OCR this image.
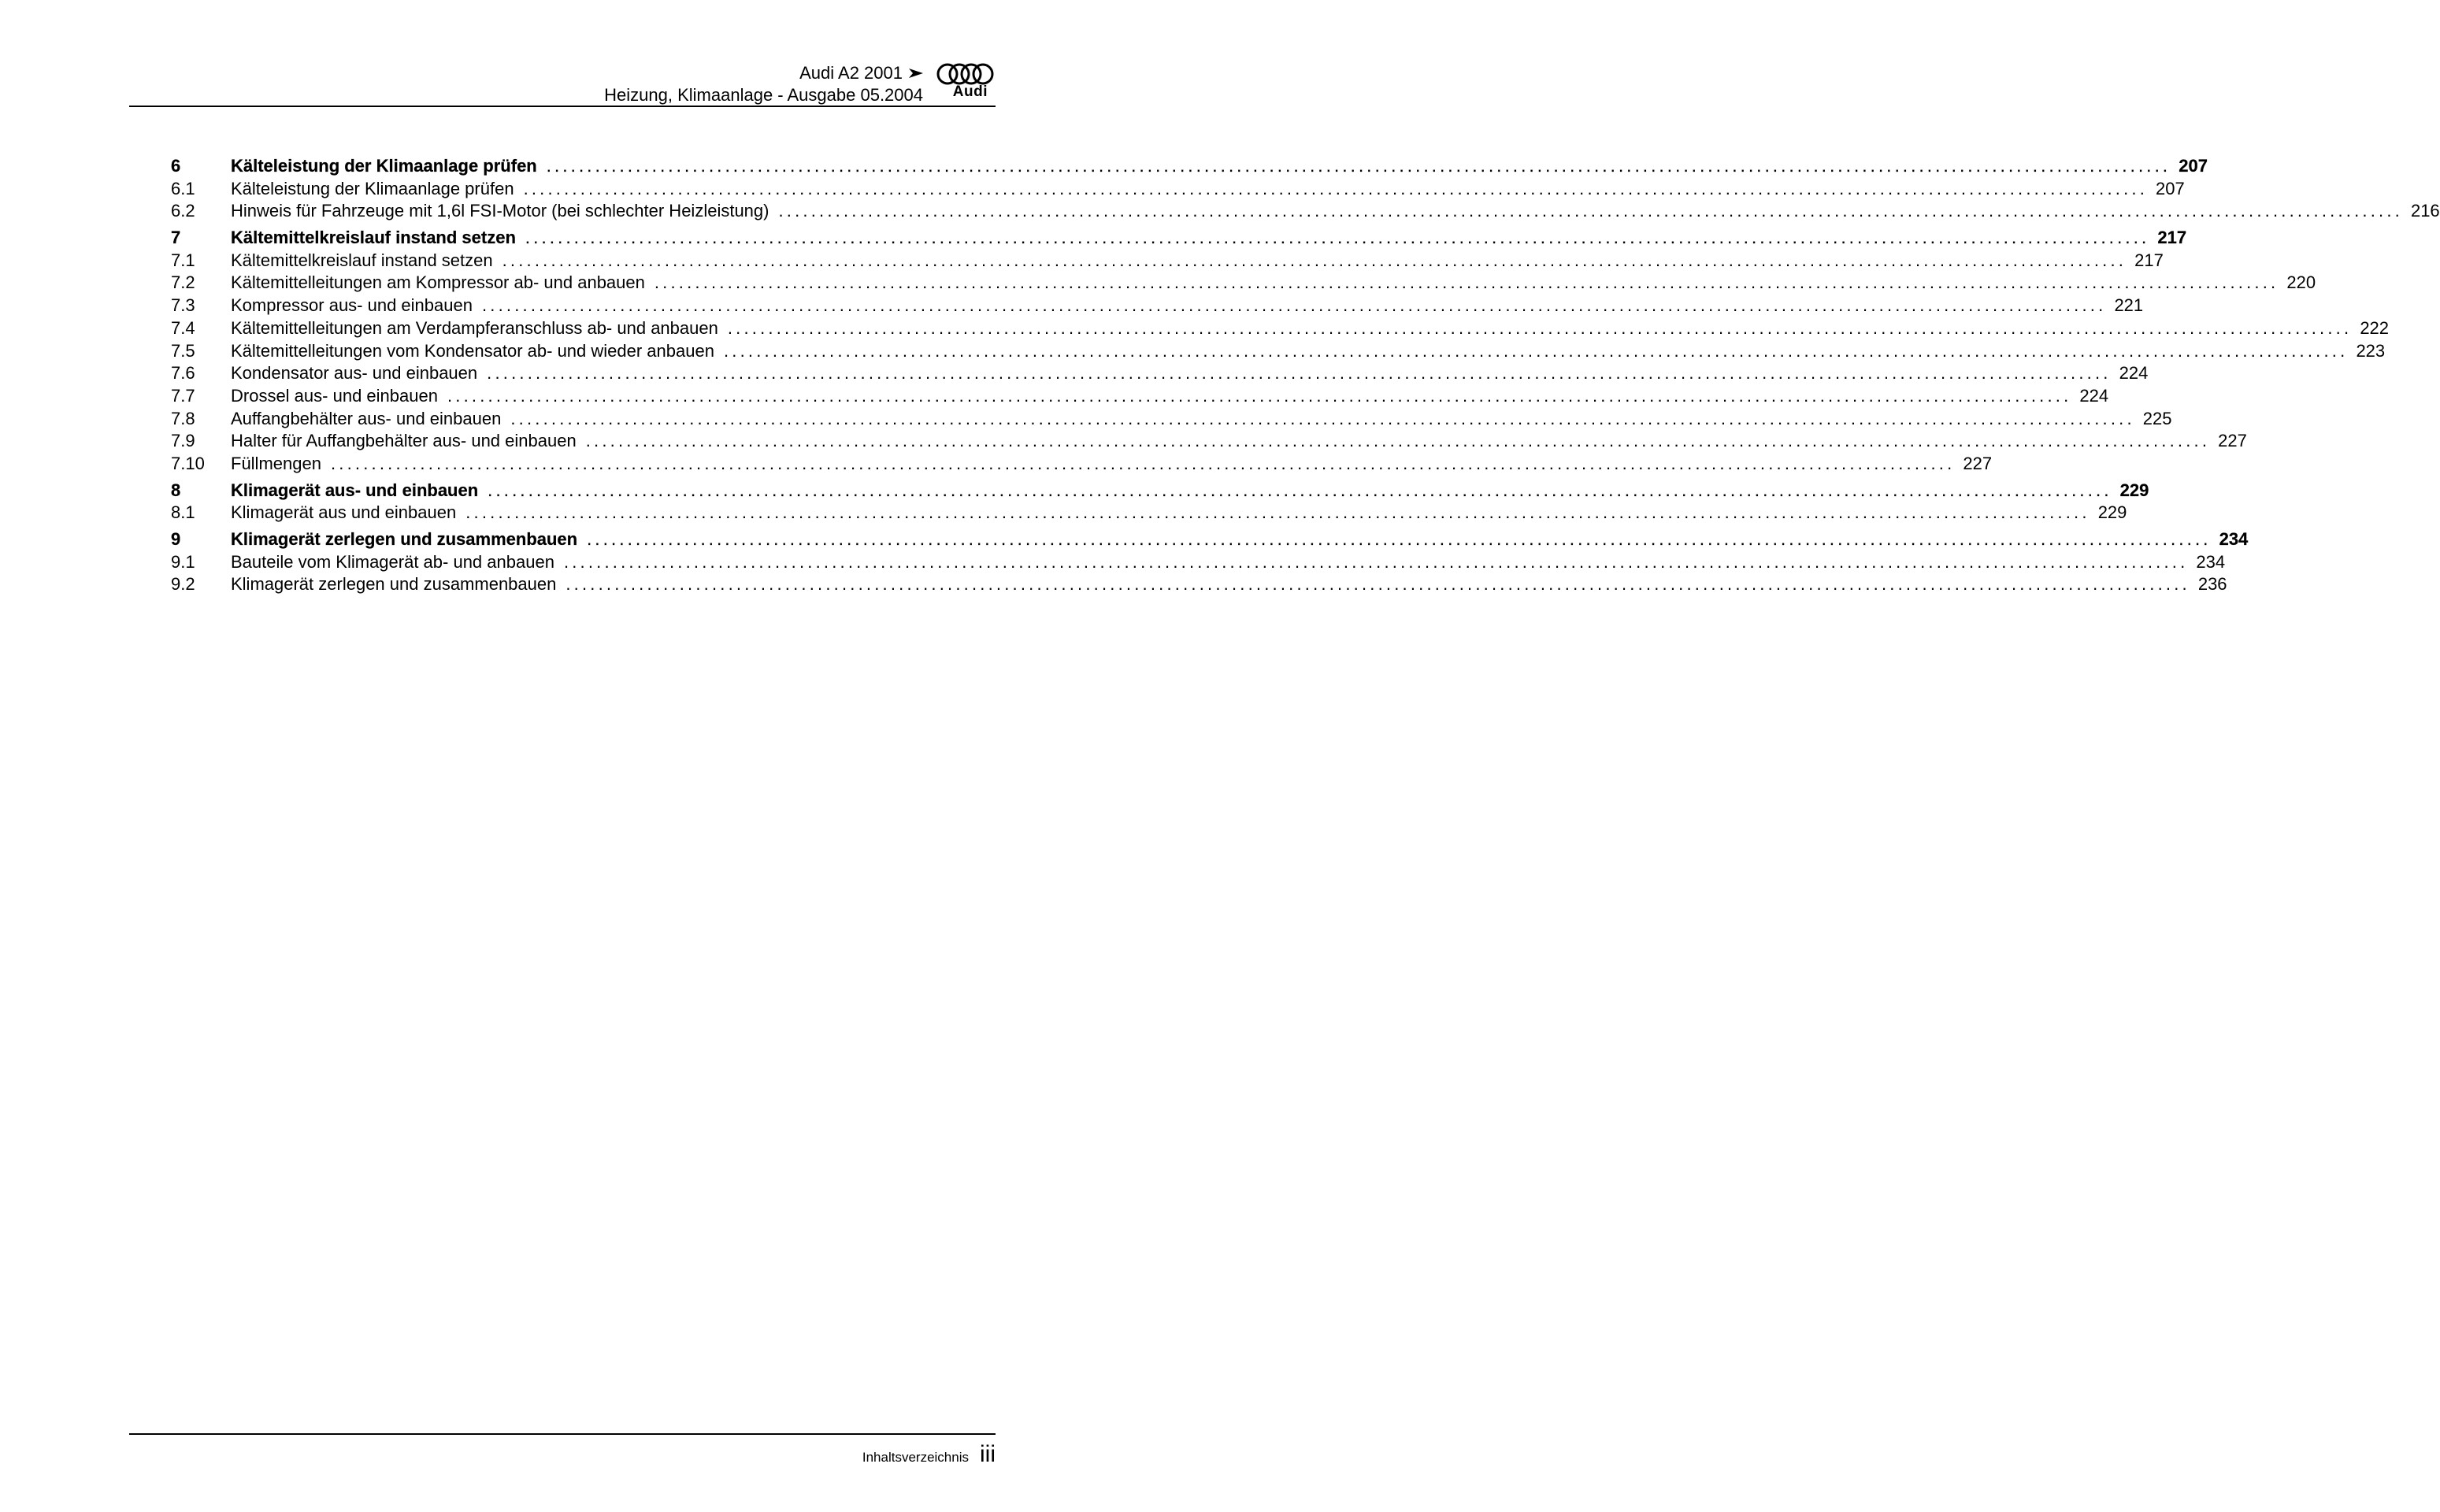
Audi A2 2001
Heizung, Klimaanlage - Ausgabe 05.2004 Audi
6	Kälteleistung der Klimaanlage prüfen ........................................................................................................................................................................................................ 207
6.1	Kälteleistung der Klimaanlage prüfen ........................................................................................................................................................................................................ 207
6.2	Hinweis für Fahrzeuge mit 1,6l FSI-Motor (bei schlechter Heizleistung) ........................................................................................................................................................................................................ 216
7	Kältemittelkreislauf instand setzen ........................................................................................................................................................................................................ 217
7.1	Kältemittelkreislauf instand setzen ........................................................................................................................................................................................................ 217
7.2	Kältemittelleitungen am Kompressor ab- und anbauen ........................................................................................................................................................................................................ 220
7.3	Kompressor aus- und einbauen ........................................................................................................................................................................................................ 221
7.4	Kältemittelleitungen am Verdampferanschluss ab- und anbauen ........................................................................................................................................................................................................ 222
7.5	Kältemittelleitungen vom Kondensator ab- und wieder anbauen ........................................................................................................................................................................................................ 223
7.6	Kondensator aus- und einbauen ........................................................................................................................................................................................................ 224
7.7	Drossel aus- und einbauen ........................................................................................................................................................................................................ 224
7.8	Auffangbehälter aus- und einbauen ........................................................................................................................................................................................................ 225
7.9	Halter für Auffangbehälter aus- und einbauen ........................................................................................................................................................................................................ 227
7.10	Füllmengen ........................................................................................................................................................................................................ 227
8	Klimagerät aus- und einbauen ........................................................................................................................................................................................................ 229
8.1	Klimagerät aus und einbauen ........................................................................................................................................................................................................ 229
9	Klimagerät zerlegen und zusammenbauen ........................................................................................................................................................................................................ 234
9.1	Bauteile vom Klimagerät ab- und anbauen ........................................................................................................................................................................................................ 234
9.2	Klimagerät zerlegen und zusammenbauen ........................................................................................................................................................................................................ 236
Inhaltsverzeichnis iii
